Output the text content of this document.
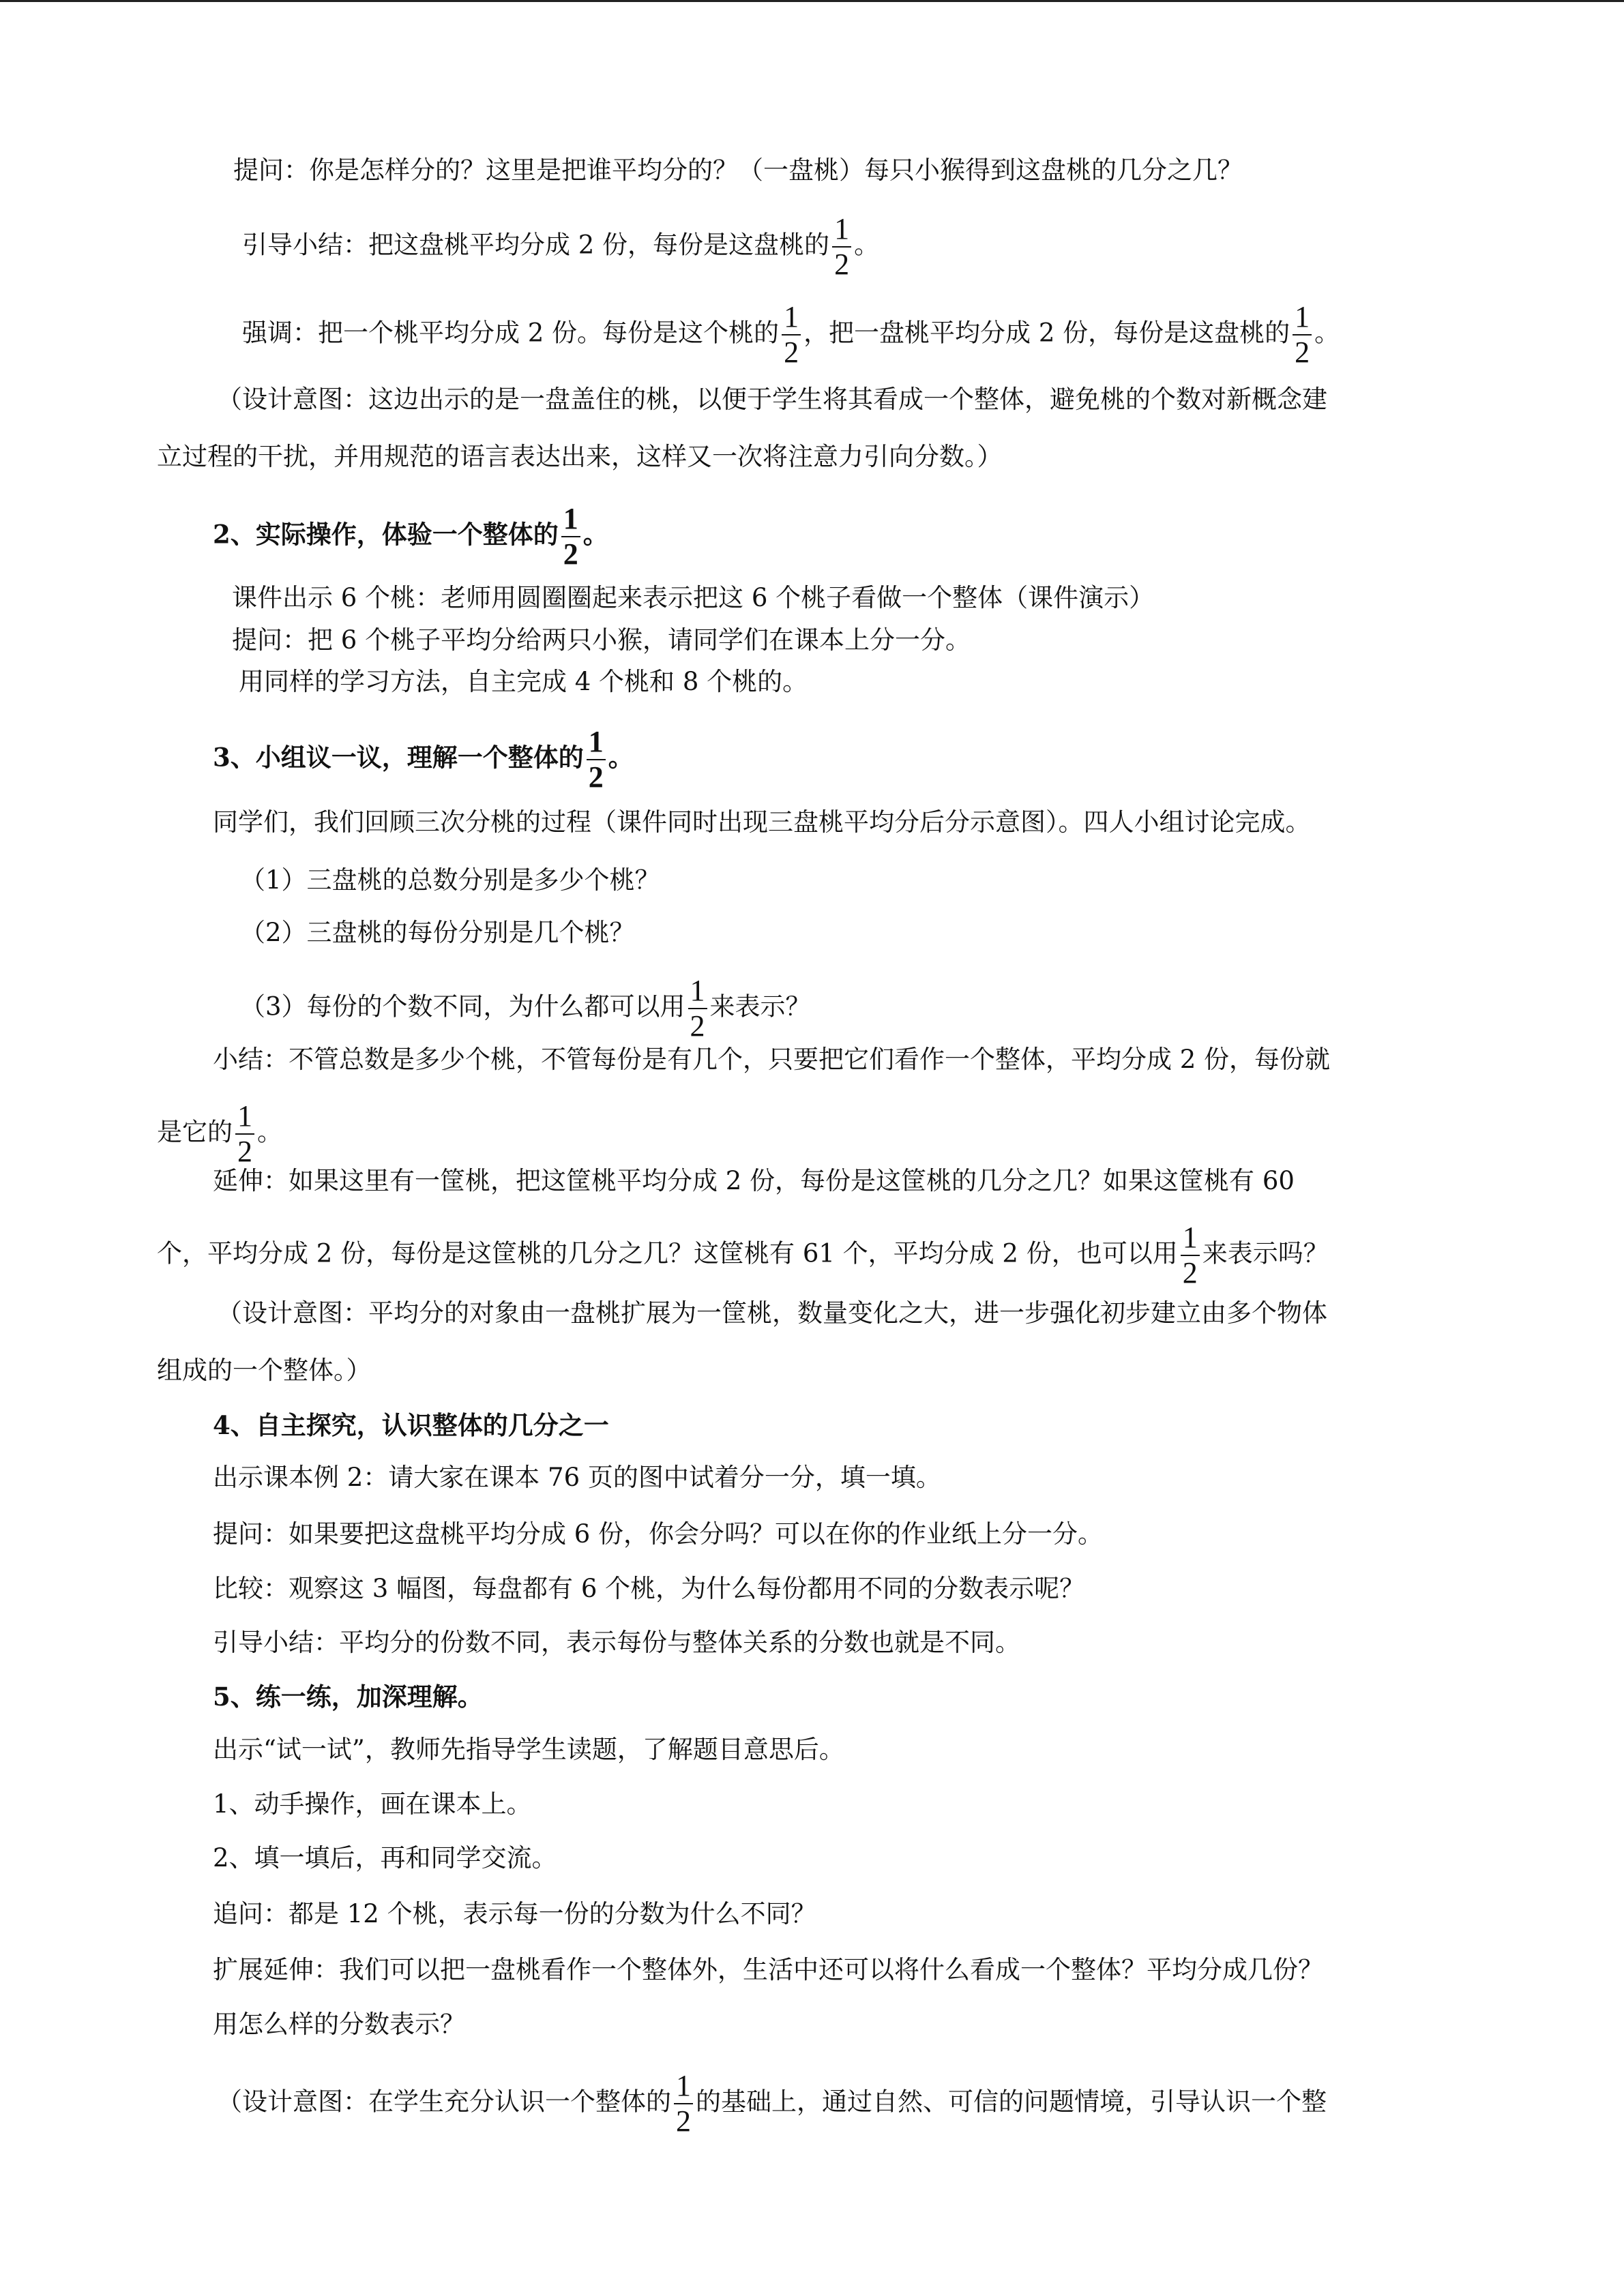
提问：你是怎样分的？这里是把谁平均分的？（一盘桃）每只小猴得到这盘桃的几分之几？
引导小结：把这盘桃平均分成 2 份，每份是这盘桃的 $\frac{1}{2}$ 。
强调：把一个桃平均分成 2 份。每份是这个桃的 $\frac{1}{2}$ ，把一盘桃平均分成 2 份，每份是这盘桃的 $\frac{1}{2}$ 。
（设计意图：这边出示的是一盘盖住的桃，以便于学生将其看成一个整体，避免桃的个数对新概念建
立过程的干扰，并用规范的语言表达出来，这样又一次将注意力引向分数。）
2、实际操作，体验一个整体的 $\frac{1}{2}$ 。
课件出示 6 个桃：老师用圆圈圈起来表示把这 6 个桃子看做一个整体（课件演示）
提问：把 6 个桃子平均分给两只小猴，请同学们在课本上分一分。
用同样的学习方法，自主完成 4 个桃和 8 个桃的。
3、小组议一议，理解一个整体的 $\frac{1}{2}$ 。
同学们，我们回顾三次分桃的过程（课件同时出现三盘桃平均分后分示意图）。四人小组讨论完成。
（1）三盘桃的总数分别是多少个桃？
（2）三盘桃的每份分别是几个桃？
（3）每份的个数不同，为什么都可以用 $\frac{1}{2}$ 来表示？
小结：不管总数是多少个桃，不管每份是有几个，只要把它们看作一个整体，平均分成 2 份，每份就
是它的 $\frac{1}{2}$ 。
延伸：如果这里有一筐桃，把这筐桃平均分成 2 份，每份是这筐桃的几分之几？如果这筐桃有 60
个，平均分成 2 份，每份是这筐桃的几分之几？这筐桃有 61 个，平均分成 2 份，也可以用 $\frac{1}{2}$ 来表示吗？
（设计意图：平均分的对象由一盘桃扩展为一筐桃，数量变化之大，进一步强化初步建立由多个物体
组成的一个整体。）
4、自主探究，认识整体的几分之一
出示课本例 2：请大家在课本 76 页的图中试着分一分，填一填。
提问：如果要把这盘桃平均分成 6 份，你会分吗？可以在你的作业纸上分一分。
比较：观察这 3 幅图，每盘都有 6 个桃，为什么每份都用不同的分数表示呢？
引导小结：平均分的份数不同，表示每份与整体关系的分数也就是不同。
5、练一练，加深理解。
出示“试一试”，教师先指导学生读题，了解题目意思后。
1、动手操作，画在课本上。
2、填一填后，再和同学交流。
追问：都是 12 个桃，表示每一份的分数为什么不同？
扩展延伸：我们可以把一盘桃看作一个整体外，生活中还可以将什么看成一个整体？平均分成几份？
用怎么样的分数表示？
（设计意图：在学生充分认识一个整体的 $\frac{1}{2}$ 的基础上，通过自然、可信的问题情境，引导认识一个整
